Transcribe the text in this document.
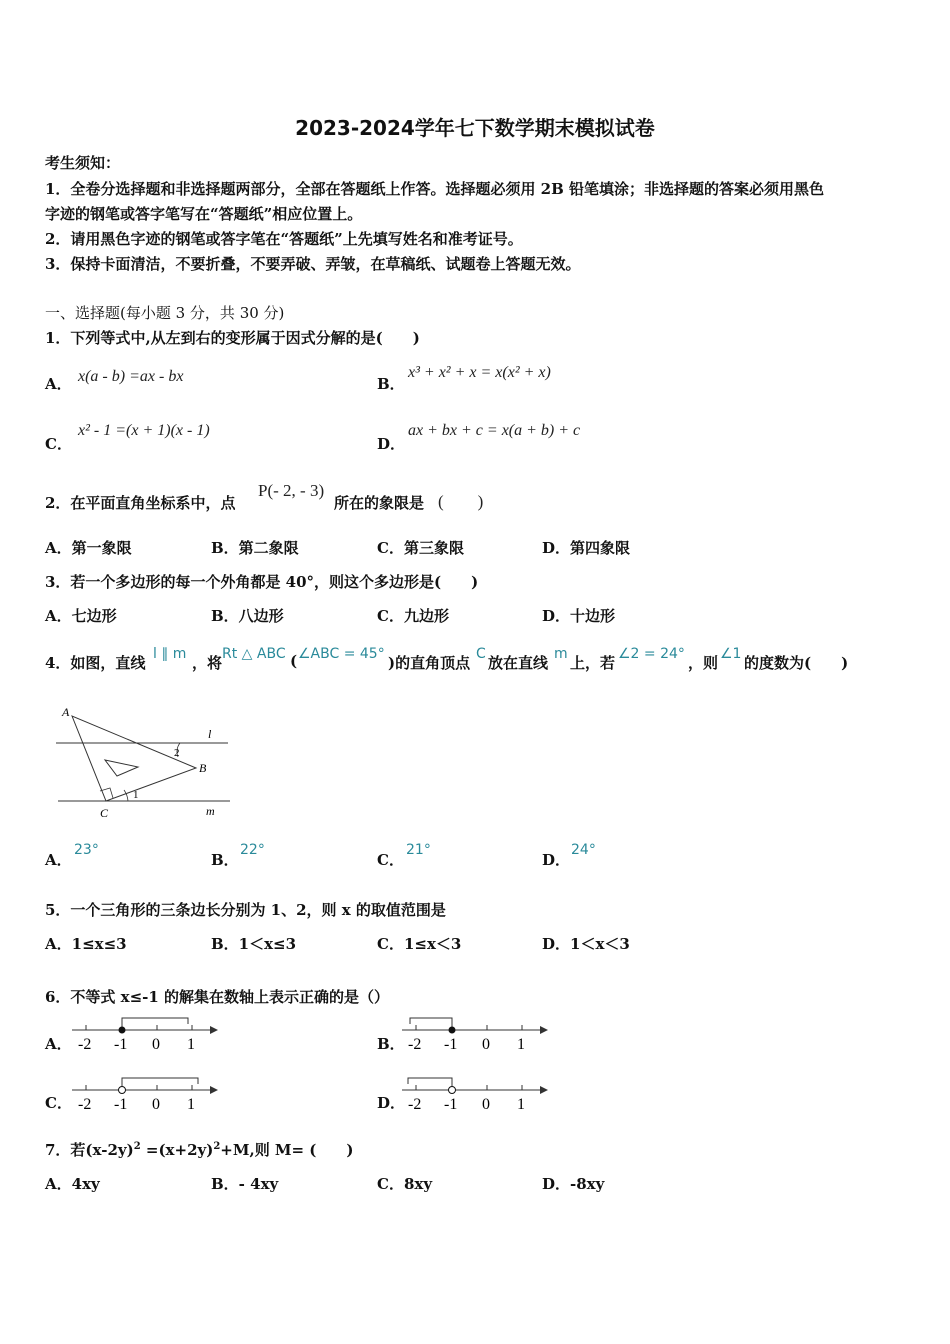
2023-2024学年七下数学期末模拟试卷
考生须知：
1．全卷分选择题和非选择题两部分，全部在答题纸上作答。选择题必须用 2B 铅笔填涂；非选择题的答案必须用黑色
字迹的钢笔或答字笔写在“答题纸”相应位置上。
2．请用黑色字迹的钢笔或答字笔在“答题纸”上先填写姓名和准考证号。
3．保持卡面清洁，不要折叠，不要弄破、弄皱，在草稿纸、试题卷上答题无效。
一、选择题(每小题 3 分，共 30 分)
1．下列等式中,从左到右的变形属于因式分解的是(　　)
A． x(a - b) =ax - bx	B．
x³ + x² + x = x(x² + x)
C．
x² - 1 =(x + 1)(x - 1)
D．
ax + bx + c = x(a + b) + c
2．在平面直角坐标系中，点
P(- 2, - 3)
所在的象限是 (　　)
A．第一象限	B．第二象限	C．第三象限	D．第四象限
3．若一个多边形的每一个外角都是 40°，则这个多边形是(　　)
A．七边形	B．八边形	C．九边形	D．十边形
4．如图，直线 l ∥ m ，将 Rt △ ABC ( ∠ABC = 45° )的直角顶点 C 放在直线 m 上，若 ∠2 = 24° ，则 ∠1 的度数为(　　)
A
B
C
l
m
1
2
A．
23°
B．
22°
C．
21°
D．
24°
5．一个三角形的三条边长分别为 1、2，则 x 的取值范围是
A．1≤x≤3	B．1＜x≤3	C．1≤x＜3	D．1＜x＜3
6．不等式 x≤-1 的解集在数轴上表示正确的是（）
A． -2 -1 0 1	B． -2 -1 0 1
C． -2 -1 0 1	D． -2 -1 0 1
7．若$(x-2y)^2 =(x+2y)^2+M$,则 M= (　　)
A．4xy	B．- 4xy	C．8xy	D．-8xy
